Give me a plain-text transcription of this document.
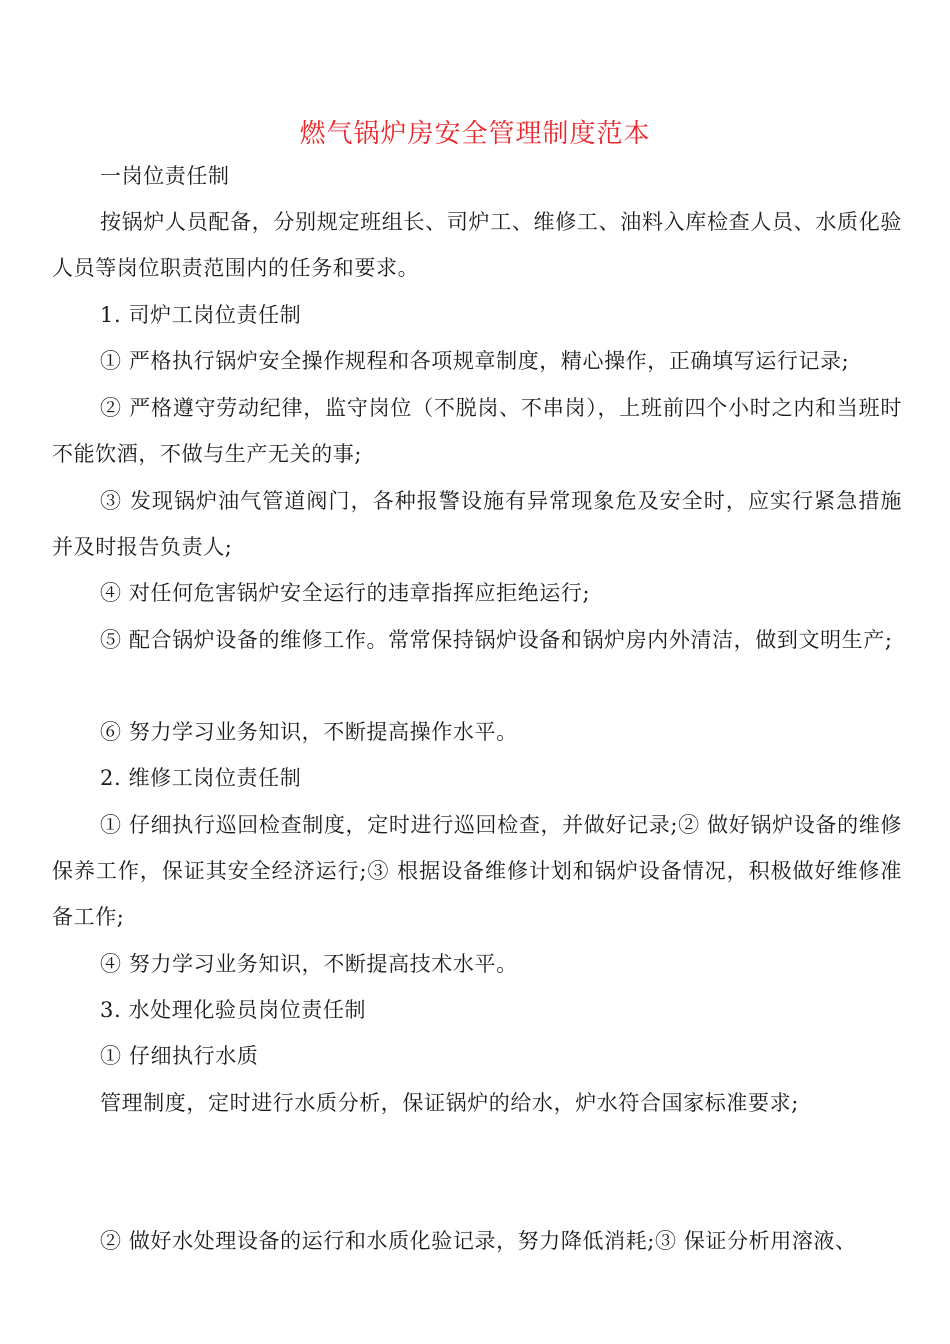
燃气锅炉房安全管理制度范本
一岗位责任制
按锅炉人员配备，分别规定班组长、司炉工、维修工、油料入库检查人员、水质化验人员等岗位职责范围内的任务和要求。
1. 司炉工岗位责任制
① 严格执行锅炉安全操作规程和各项规章制度，精心操作，正确填写运行记录;
② 严格遵守劳动纪律，监守岗位（不脱岗、不串岗），上班前四个小时之内和当班时不能饮酒，不做与生产无关的事;
③ 发现锅炉油气管道阀门，各种报警设施有异常现象危及安全时，应实行紧急措施并及时报告负责人;
④ 对任何危害锅炉安全运行的违章指挥应拒绝运行;
⑤ 配合锅炉设备的维修工作。常常保持锅炉设备和锅炉房内外清洁，做到文明生产;
⑥ 努力学习业务知识，不断提高操作水平。
2. 维修工岗位责任制
① 仔细执行巡回检查制度，定时进行巡回检查，并做好记录;② 做好锅炉设备的维修保养工作，保证其安全经济运行;③ 根据设备维修计划和锅炉设备情况，积极做好维修准备工作;
④ 努力学习业务知识，不断提高技术水平。
3. 水处理化验员岗位责任制
① 仔细执行水质
管理制度，定时进行水质分析，保证锅炉的给水，炉水符合国家标准要求;
② 做好水处理设备的运行和水质化验记录，努力降低消耗;③ 保证分析用溶液、
